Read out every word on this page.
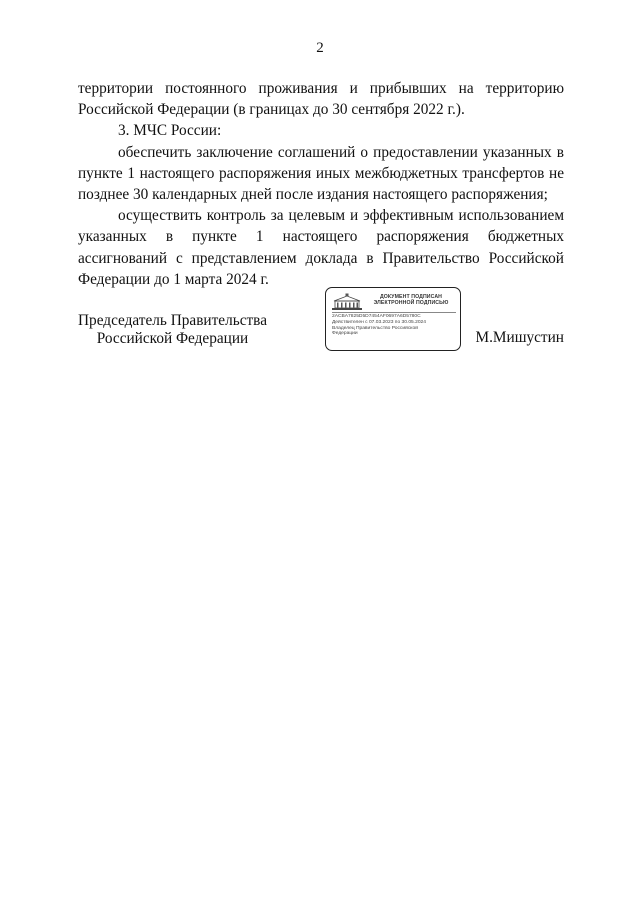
2

территории постоянного проживания и прибывших на территорию Российской Федерации (в границах до 30 сентября 2022 г.).

3. МЧС России:

обеспечить заключение соглашений о предоставлении указанных в пункте 1 настоящего распоряжения иных межбюджетных трансфертов не позднее 30 календарных дней после издания настоящего распоряжения;

осуществить контроль за целевым и эффективным использованием указанных в пункте 1 настоящего распоряжения бюджетных ассигнований с представлением доклада в Правительство Российской Федерации до 1 марта 2024 г.

Председатель Правительства
Российской Федерации
ДОКУМЕНТ ПОДПИСАН
ЭЛЕКТРОННОЙ ПОДПИСЬЮ
2ACBA7825D5D7454AF0697A6D5780C
Действителен с 07.03.2023 по 30.05.2024
Владелец Правительство Российской
Федерации	М.Мишустин
